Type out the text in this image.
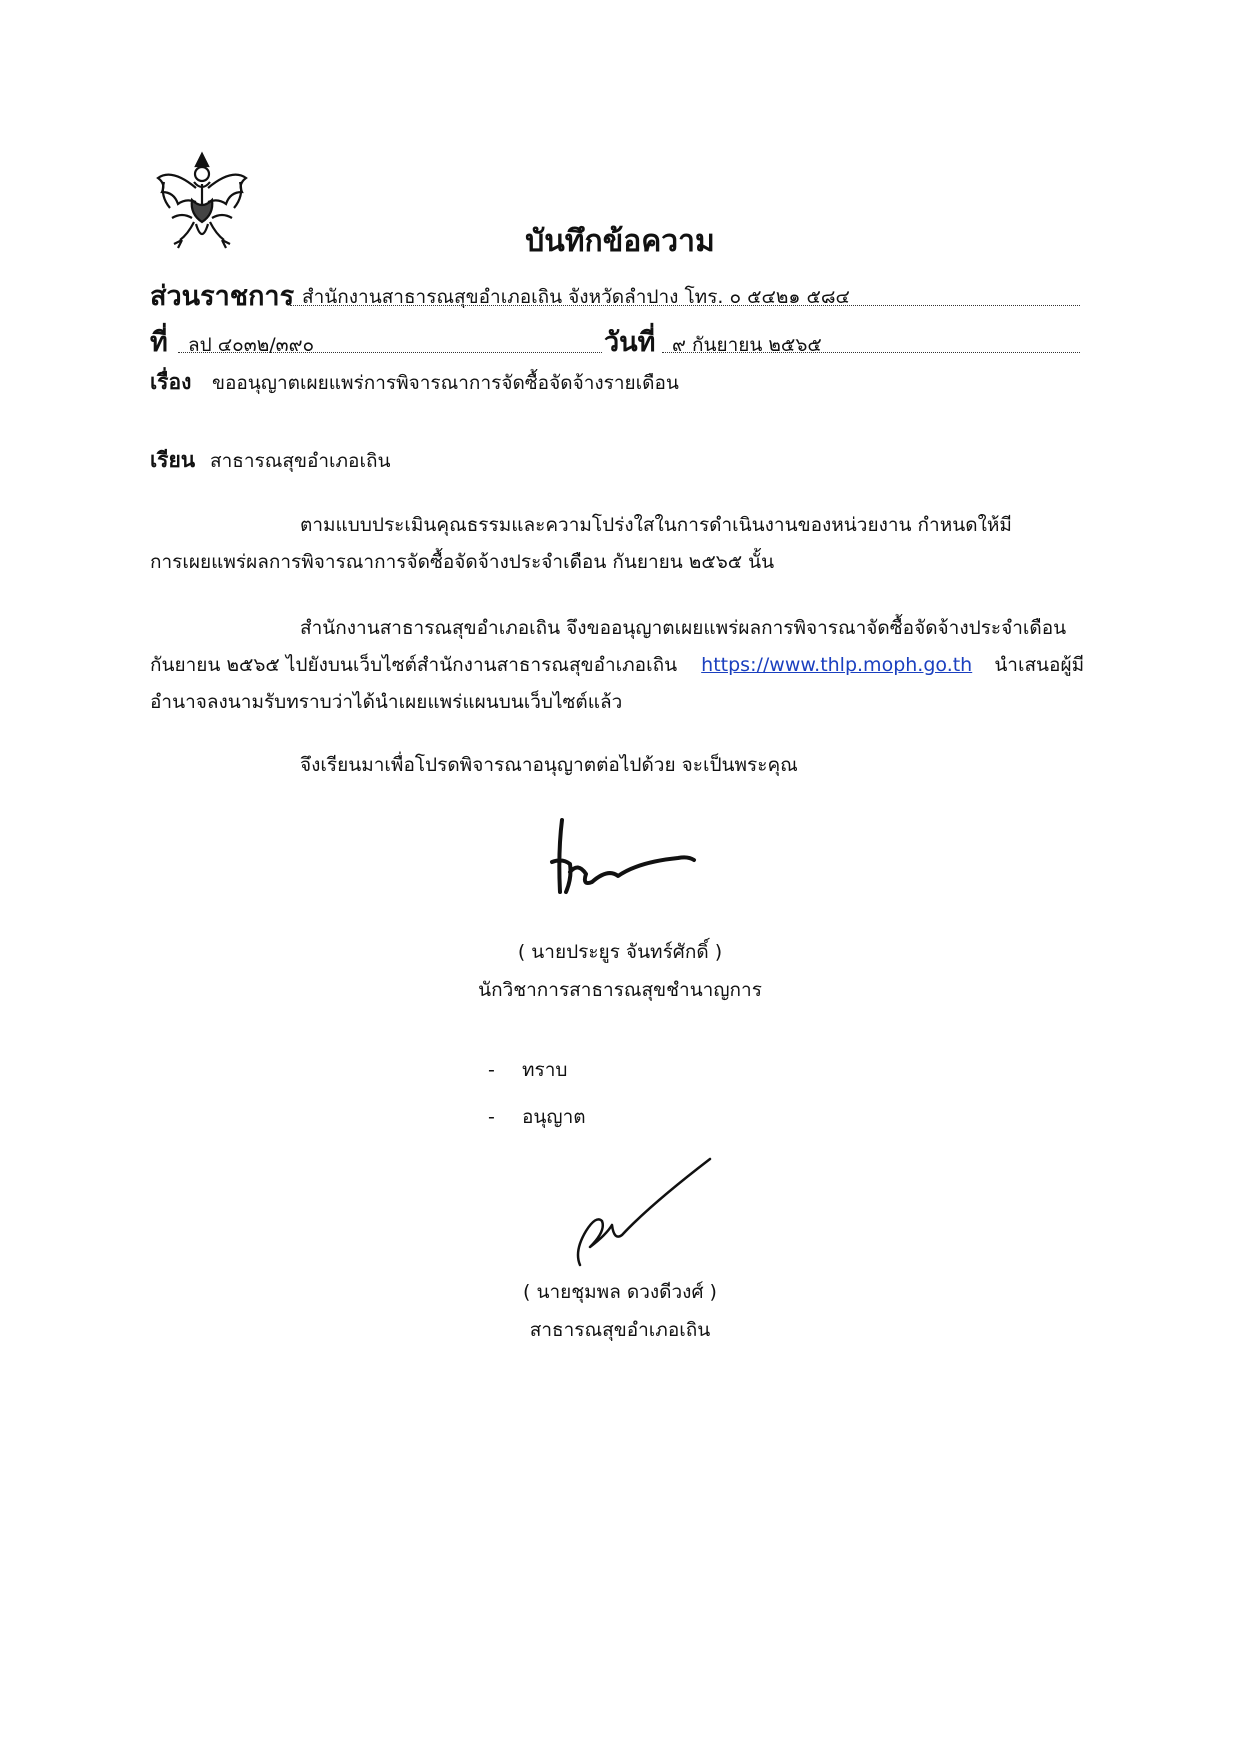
บันทึกข้อความ
ส่วนราชการ สำนักงานสาธารณสุขอำเภอเถิน จังหวัดลำปาง โทร. ๐ ๕๔๒๑ ๕๘๔
ที่ ลป ๔๐๓๒/๓๙๐	วันที่ ๙ กันยายน ๒๕๖๕
เรื่อง ขออนุญาตเผยแพร่การพิจารณาการจัดซื้อจัดจ้างรายเดือน
เรียน สาธารณสุขอำเภอเถิน
ตามแบบประเมินคุณธรรมและความโปร่งใสในการดำเนินงานของหน่วยงาน กำหนดให้มี
การเผยแพร่ผลการพิจารณาการจัดซื้อจัดจ้างประจำเดือน กันยายน ๒๕๖๕ นั้น
สำนักงานสาธารณสุขอำเภอเถิน จึงขออนุญาตเผยแพร่ผลการพิจารณาจัดซื้อจัดจ้างประจำเดือน
กันยายน ๒๕๖๕ ไปยังบนเว็บไซต์สำนักงานสาธารณสุขอำเภอเถิน https://www.thlp.moph.go.th นำเสนอผู้มี
อำนาจลงนามรับทราบว่าได้นำเผยแพร่แผนบนเว็บไซต์แล้ว
จึงเรียนมาเพื่อโปรดพิจารณาอนุญาตต่อไปด้วย จะเป็นพระคุณ
( นายประยูร จันทร์ศักดิ์ )
นักวิชาการสาธารณสุขชำนาญการ
- ทราบ
- อนุญาต
( นายชุมพล ดวงดีวงศ์ )
สาธารณสุขอำเภอเถิน
